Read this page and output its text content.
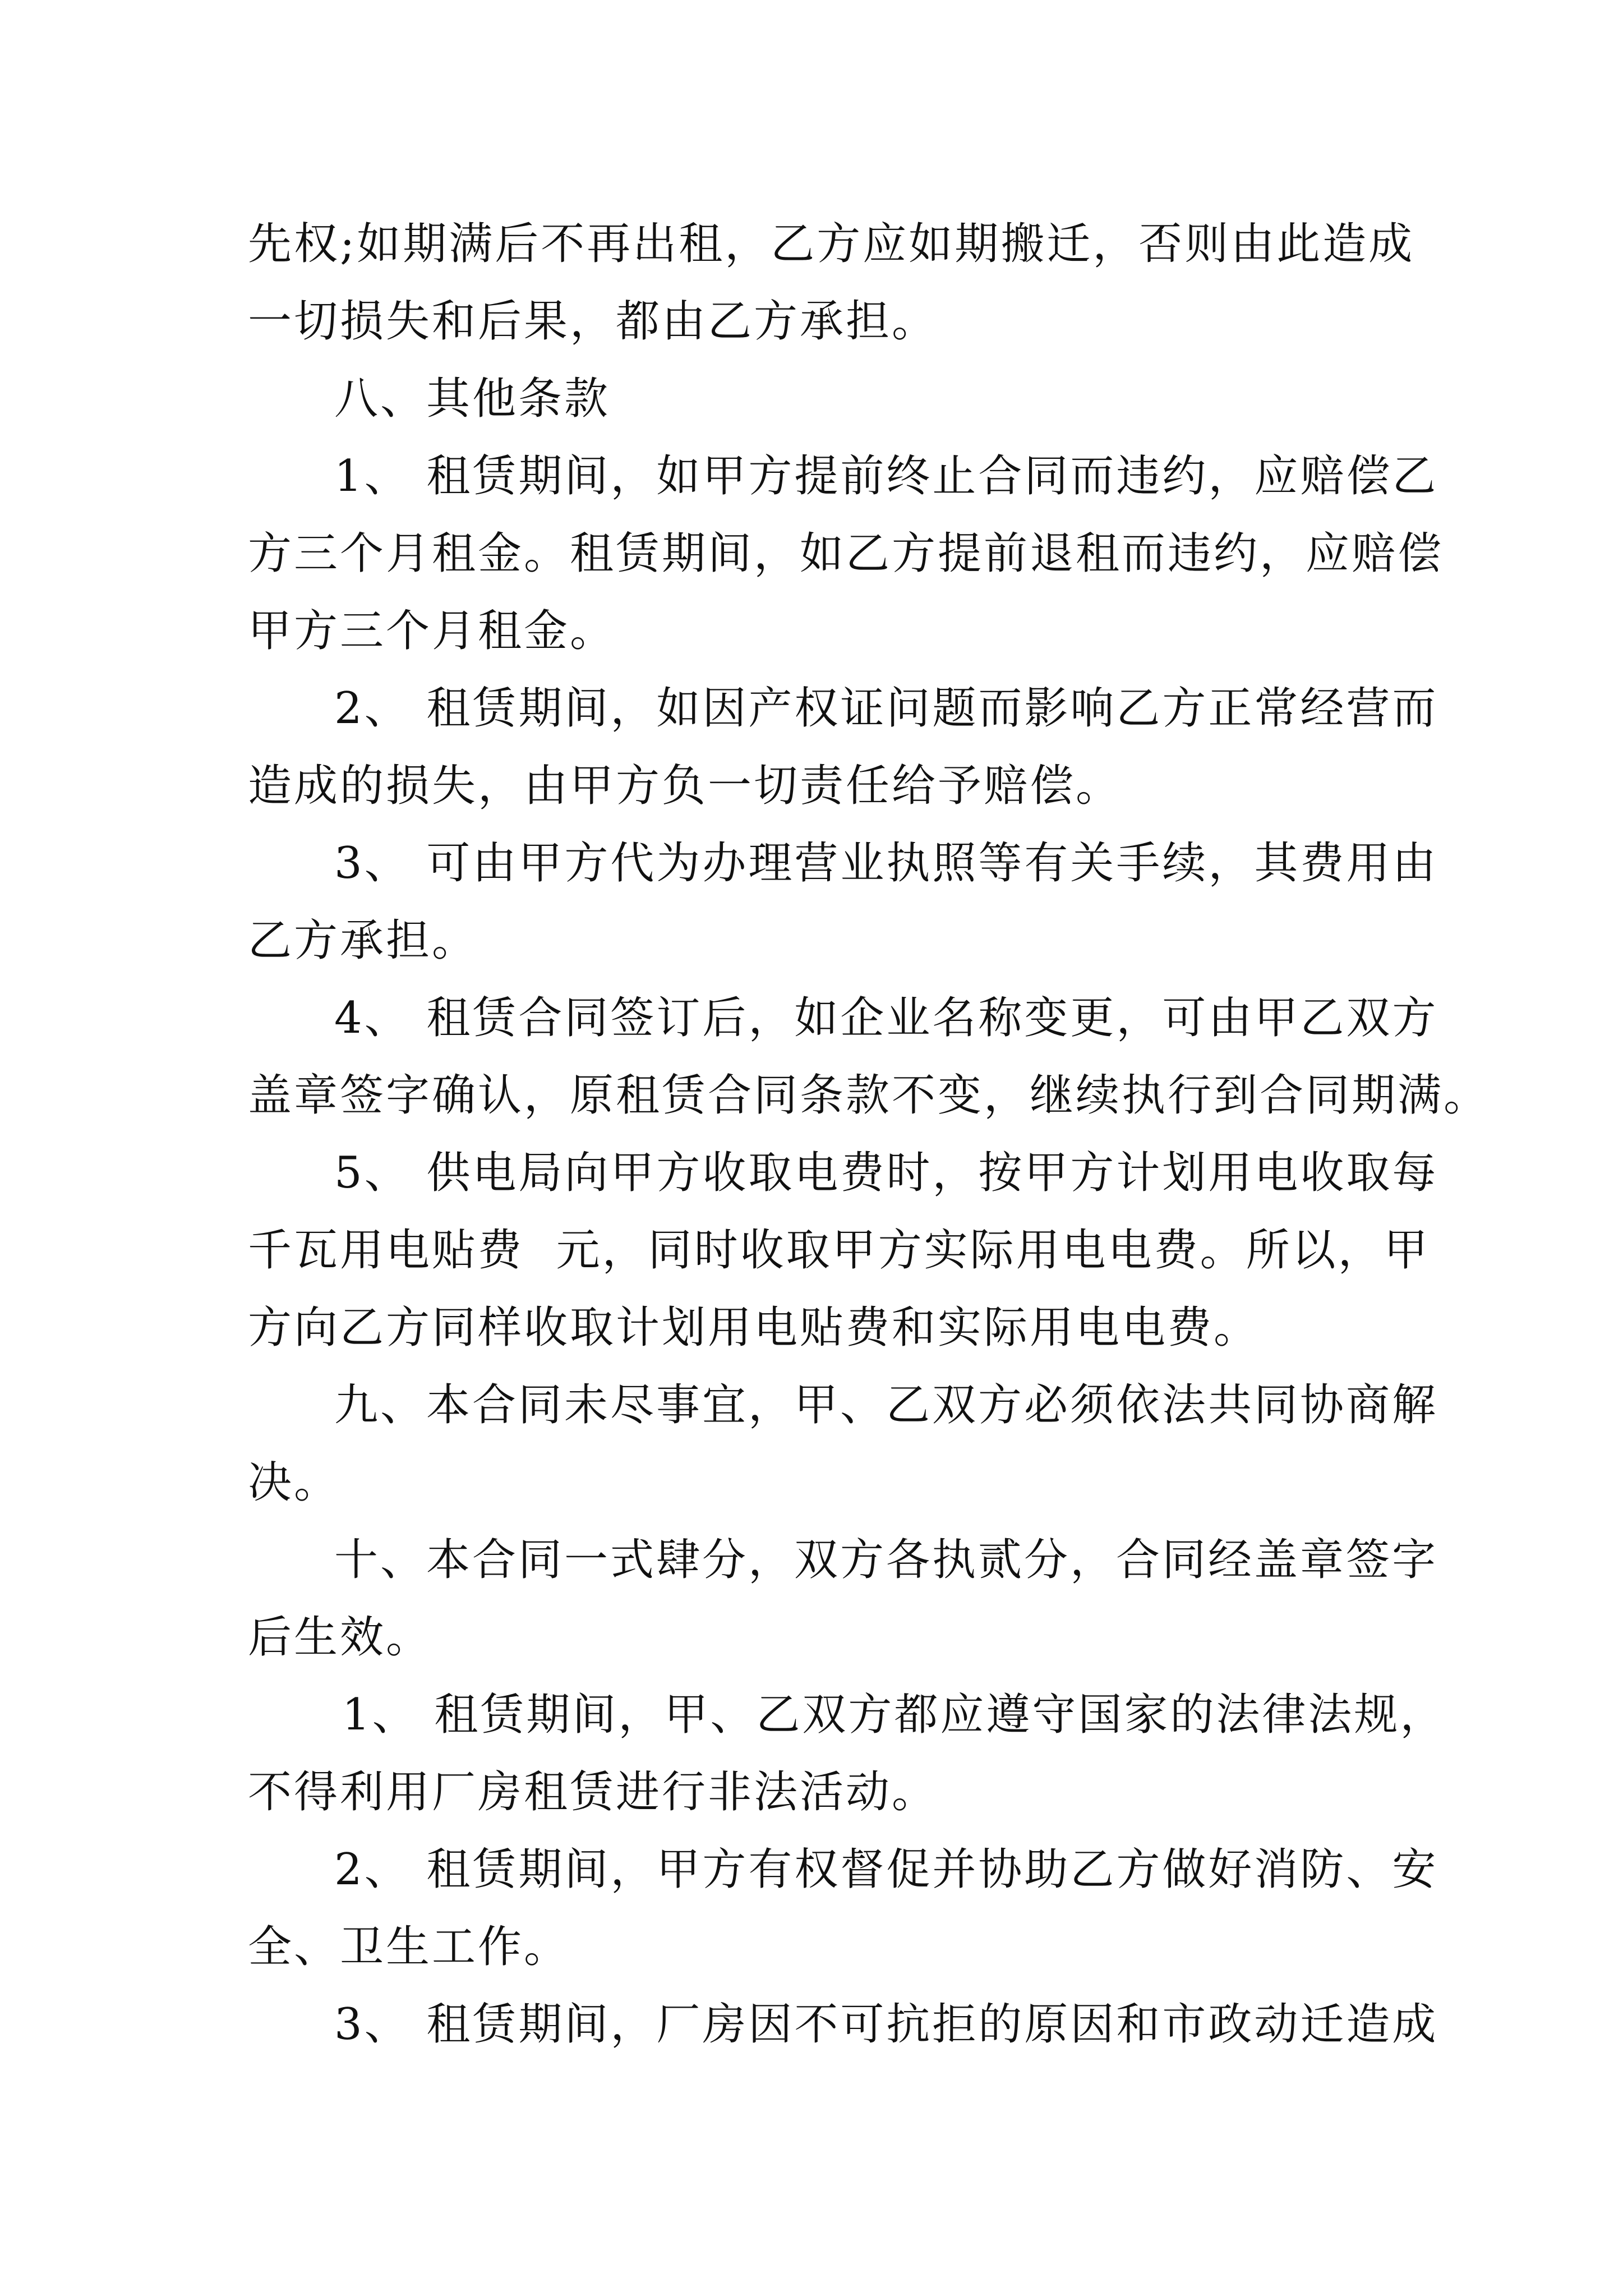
先权;如期满后不再出租，乙方应如期搬迁，否则由此造成
一切损失和后果，都由乙方承担。
八、其他条款
1、 租赁期间，如甲方提前终止合同而违约，应赔偿乙
方三个月租金。租赁期间，如乙方提前退租而违约，应赔偿
甲方三个月租金。
2、 租赁期间，如因产权证问题而影响乙方正常经营而
造成的损失，由甲方负一切责任给予赔偿。
3、 可由甲方代为办理营业执照等有关手续，其费用由
乙方承担。
4、 租赁合同签订后，如企业名称变更，可由甲乙双方
盖章签字确认，原租赁合同条款不变，继续执行到合同期满。
5、 供电局向甲方收取电费时，按甲方计划用电收取每
千瓦用电贴费  元，同时收取甲方实际用电电费。所以，甲
方向乙方同样收取计划用电贴费和实际用电电费。
九、本合同未尽事宜，甲、乙双方必须依法共同协商解
决。
十、本合同一式肆分，双方各执贰分，合同经盖章签字
后生效。
1、 租赁期间，甲、乙双方都应遵守国家的法律法规，
不得利用厂房租赁进行非法活动。
2、 租赁期间，甲方有权督促并协助乙方做好消防、安
全、卫生工作。
3、 租赁期间，厂房因不可抗拒的原因和市政动迁造成
